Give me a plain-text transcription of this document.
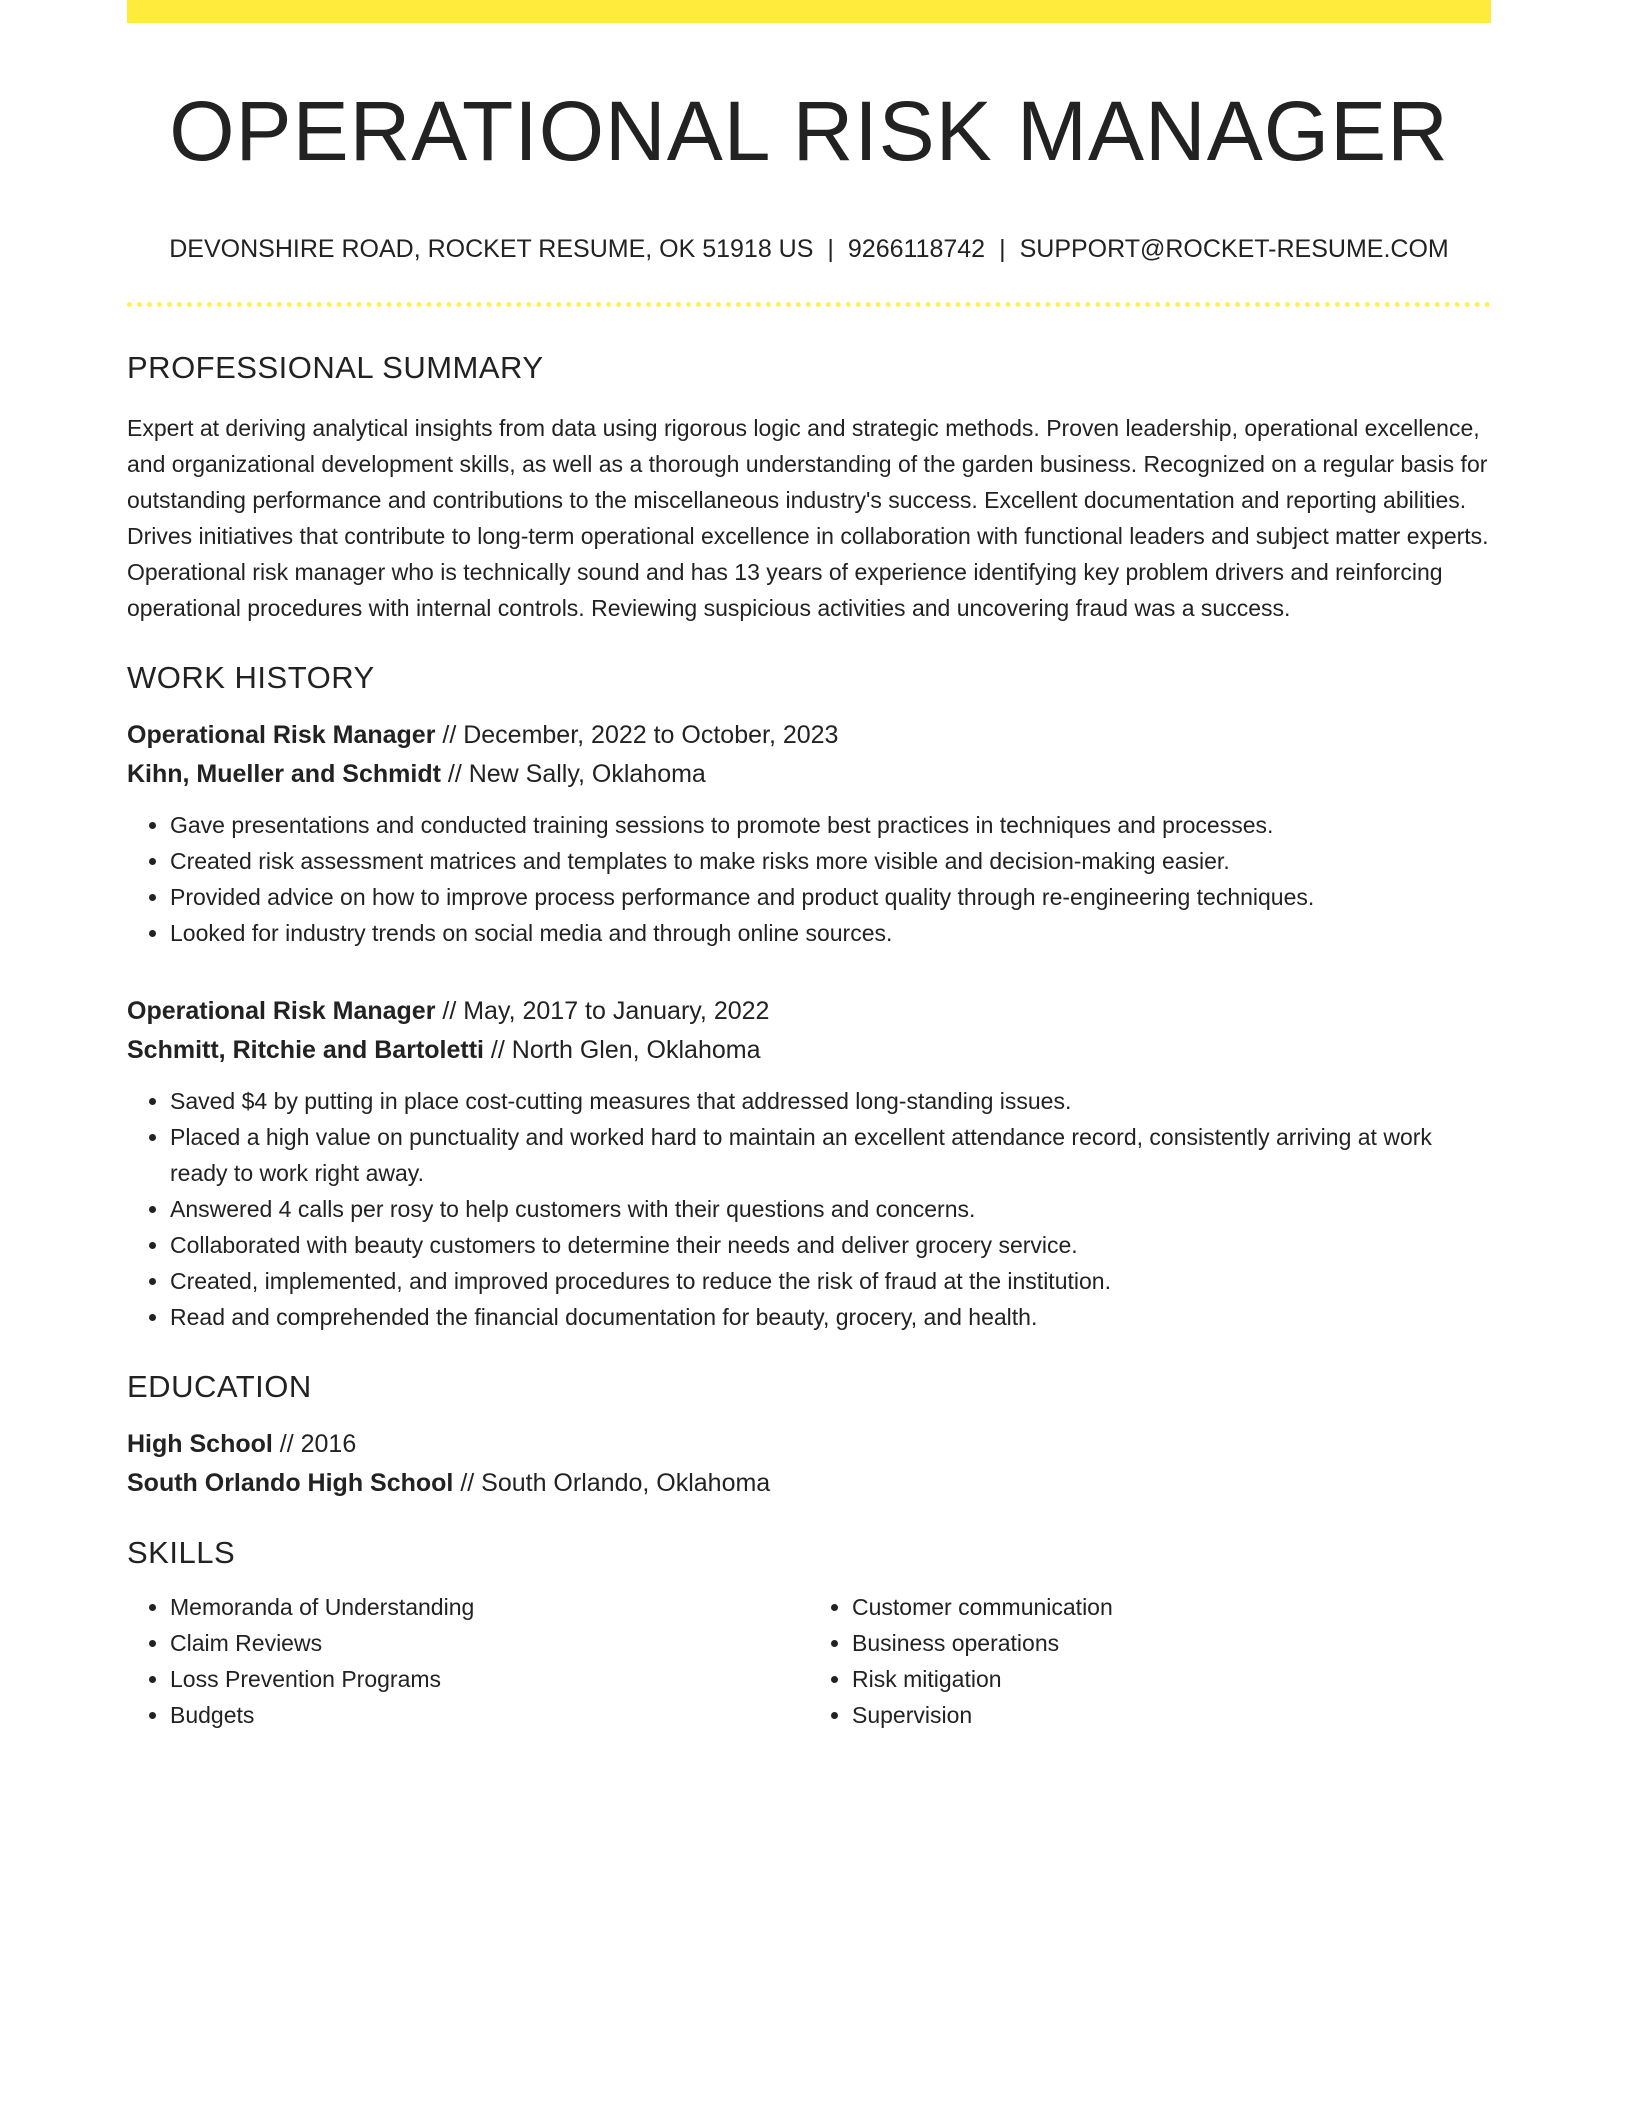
OPERATIONAL RISK MANAGER
DEVONSHIRE ROAD, ROCKET RESUME, OK 51918 US | 9266118742 | SUPPORT@ROCKET-RESUME.COM
PROFESSIONAL SUMMARY
Expert at deriving analytical insights from data using rigorous logic and strategic methods. Proven leadership, operational excellence, and organizational development skills, as well as a thorough understanding of the garden business. Recognized on a regular basis for outstanding performance and contributions to the miscellaneous industry's success. Excellent documentation and reporting abilities. Drives initiatives that contribute to long-term operational excellence in collaboration with functional leaders and subject matter experts. Operational risk manager who is technically sound and has 13 years of experience identifying key problem drivers and reinforcing operational procedures with internal controls. Reviewing suspicious activities and uncovering fraud was a success.
WORK HISTORY
Operational Risk Manager // December, 2022 to October, 2023
Kihn, Mueller and Schmidt // New Sally, Oklahoma
• Gave presentations and conducted training sessions to promote best practices in techniques and processes.
• Created risk assessment matrices and templates to make risks more visible and decision-making easier.
• Provided advice on how to improve process performance and product quality through re-engineering techniques.
• Looked for industry trends on social media and through online sources.
Operational Risk Manager // May, 2017 to January, 2022
Schmitt, Ritchie and Bartoletti // North Glen, Oklahoma
• Saved $4 by putting in place cost-cutting measures that addressed long-standing issues.
• Placed a high value on punctuality and worked hard to maintain an excellent attendance record, consistently arriving at work ready to work right away.
• Answered 4 calls per rosy to help customers with their questions and concerns.
• Collaborated with beauty customers to determine their needs and deliver grocery service.
• Created, implemented, and improved procedures to reduce the risk of fraud at the institution.
• Read and comprehended the financial documentation for beauty, grocery, and health.
EDUCATION
High School // 2016
South Orlando High School // South Orlando, Oklahoma
SKILLS
• Memoranda of Understanding
• Claim Reviews
• Loss Prevention Programs
• Budgets
• Customer communication
• Business operations
• Risk mitigation
• Supervision
